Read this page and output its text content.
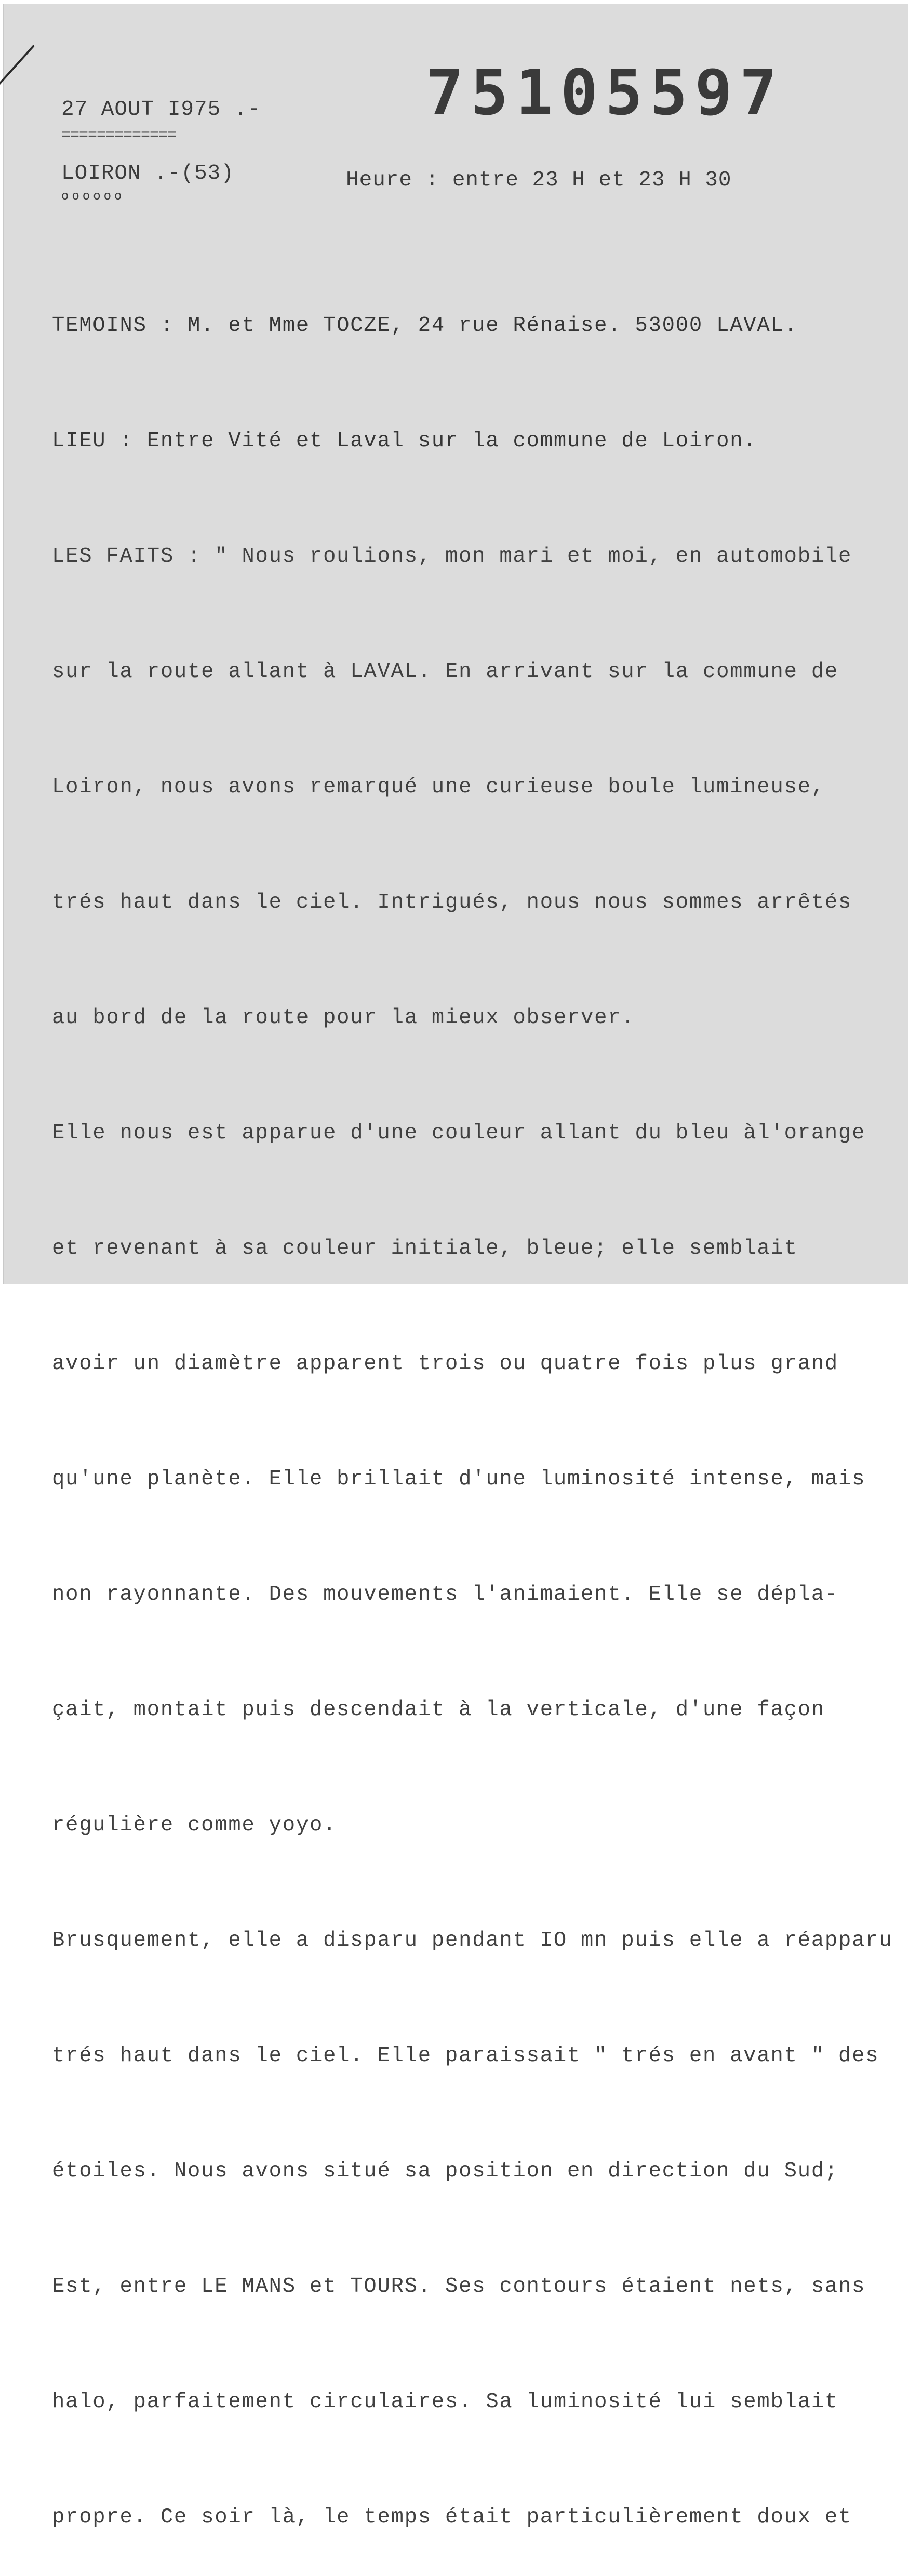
27 AOUT I975 .-
=============
75105597
LOIRON .-(53)
oooooo
Heure : entre 23 H et 23 H 30

TEMOINS : M. et Mme TOCZE, 24 rue Rénaise. 53000 LAVAL.

LIEU : Entre Vité et Laval sur la commune de Loiron.

LES FAITS : " Nous roulions, mon mari et moi, en automobile

sur la route allant à LAVAL. En arrivant sur la commune de

Loiron, nous avons remarqué une curieuse boule lumineuse,

trés haut dans le ciel. Intrigués, nous nous sommes arrêtés

au bord de la route pour la mieux observer.

Elle nous est apparue d'une couleur allant du bleu àl'orange

et revenant à sa couleur initiale, bleue; elle semblait

avoir un diamètre apparent trois ou quatre fois plus grand

qu'une planète. Elle brillait d'une luminosité intense, mais

non rayonnante. Des mouvements l'animaient. Elle se dépla-

çait, montait puis descendait à la verticale, d'une façon

régulière comme yoyo.

Brusquement, elle a disparu pendant IO mn puis elle a réapparu

trés haut dans le ciel. Elle paraissait " trés en avant " des

étoiles. Nous avons situé sa position en direction du Sud;

Est, entre LE MANS et TOURS. Ses contours étaient nets, sans

halo, parfaitement circulaires. Sa luminosité lui semblait

propre. Ce soir là, le temps était particulièrement doux et
